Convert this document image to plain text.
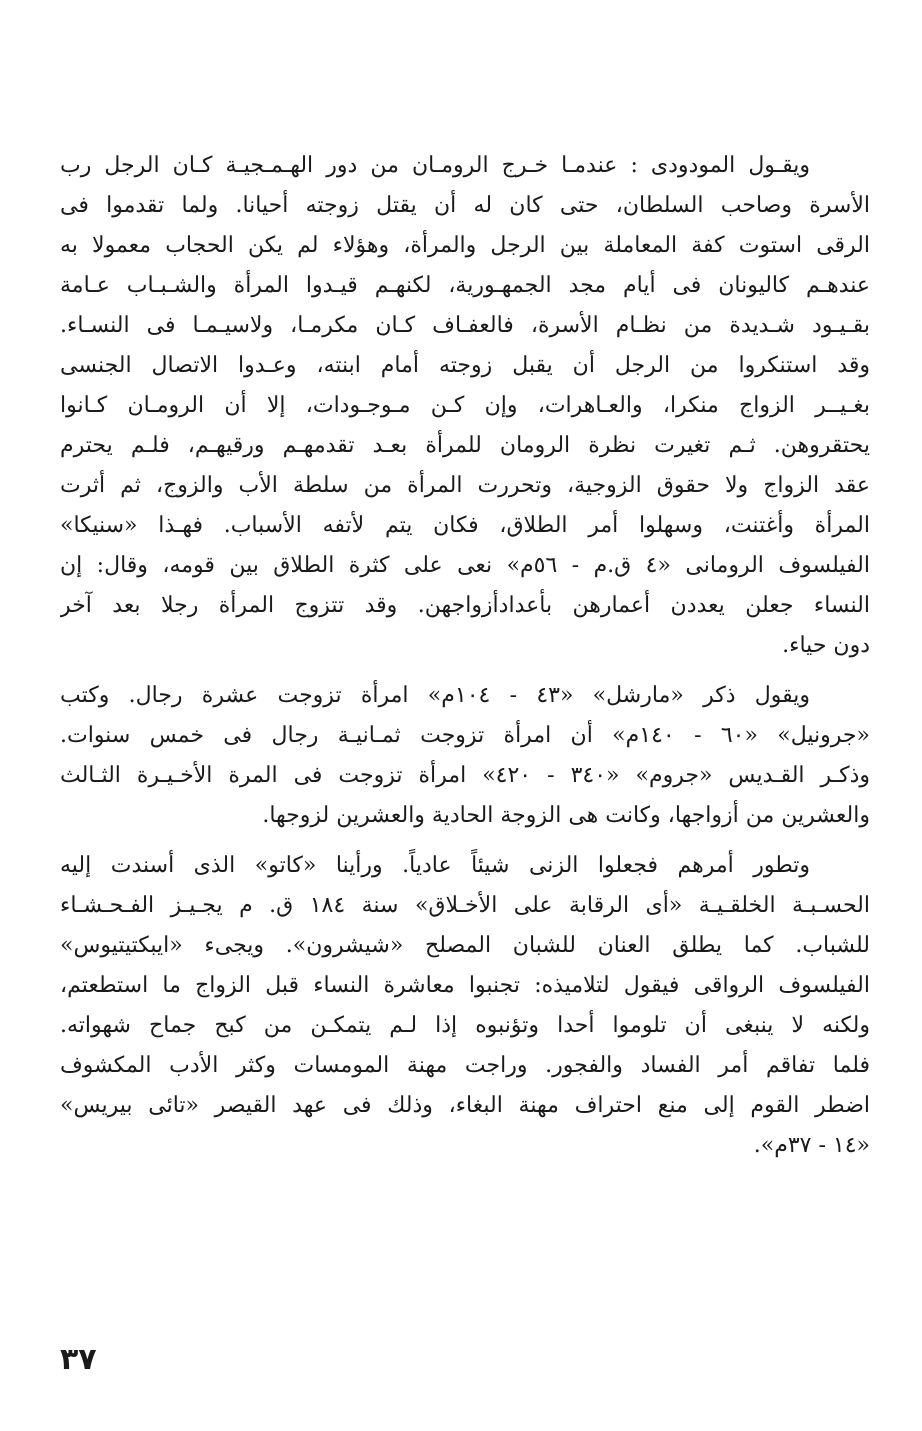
ويقـول المودودى : عندمـا خـرج الرومـان من دور الهـمـجيـة كـان الرجل رب
الأسرة وصاحب السلطان، حتى كان له أن يقتل زوجته أحيانا. ولما تقدموا فى
الرقى استوت كفة المعاملة بين الرجل والمرأة، وهؤلاء لم يكن الحجاب معمولا به
عندهـم كاليونان فى أيام مجد الجمهـورية، لكنهـم قيـدوا المرأة والشـبـاب عـامة
بقـيـود شـديدة من نظـام الأسرة، فالعفـاف كـان مكرمـا، ولاسيـمـا فى النسـاء.
وقد استنكروا من الرجل أن يقبل زوجته أمام ابنته، وعـدوا الاتصال الجنسى
بغـيــر الزواج منكرا، والعـاهرات، وإن كـن مـوجـودات، إلا أن الرومـان كـانوا
يحتقروهن. ثـم تغيرت نظرة الرومان للمرأة بعـد تقدمهـم ورقيهـم، فلـم يحترم
عقد الزواج ولا حقوق الزوجية، وتحررت المرأة من سلطة الأب والزوج، ثم أثرت
المرأة وأغتنت، وسهلوا أمر الطلاق، فكان يتم لأتفه الأسباب. فهـذا «سنيكا»
الفيلسوف الرومانى «٤ ق.م - ٥٦م» نعى على كثرة الطلاق بين قومه، وقال: إن
النساء جعلن يعددن أعمارهن بأعدادأزواجهن. وقد تتزوج المرأة رجلا بعد آخر
دون حياء.

ويقول ذكر «مارشل» «٤٣ - ١٠٤م» امرأة تزوجت عشرة رجال. وكتب
«جرونيل» «٦٠ - ١٤٠م» أن امرأة تزوجت ثمـانيـة رجال فى خمس سنوات.
وذكـر القـديس «جروم» «٣٤٠ - ٤٢٠» امرأة تزوجت فى المرة الأخـيـرة الثـالث
والعشرين من أزواجها، وكانت هى الزوجة الحادية والعشرين لزوجها.

وتطور أمرهم فجعلوا الزنى شيئاً عادياً. ورأينا «كاتو» الذى أسندت إليه
الحسـبـة الخلقـيـة «أى الرقابة على الأخـلاق» سنة ١٨٤ ق. م يجـيـز الفـحـشـاء
للشباب. كما يطلق العنان للشبان المصلح «شيشرون». ويجىء «ايبكتيتيوس»
الفيلسوف الرواقى فيقول لتلاميذه: تجنبوا معاشرة النساء قبل الزواج ما استطعتم،
ولكنه لا ينبغى أن تلوموا أحدا وتؤنبوه إذا لـم يتمكـن من كبح جماح شهواته.
فلما تفاقم أمر الفساد والفجور. وراجت مهنة المومسات وكثر الأدب المكشوف
اضطر القوم إلى منع احتراف مهنة البغاء، وذلك فى عهد القيصر «تائى بيريس»
«١٤ - ٣٧م».

٣٧
